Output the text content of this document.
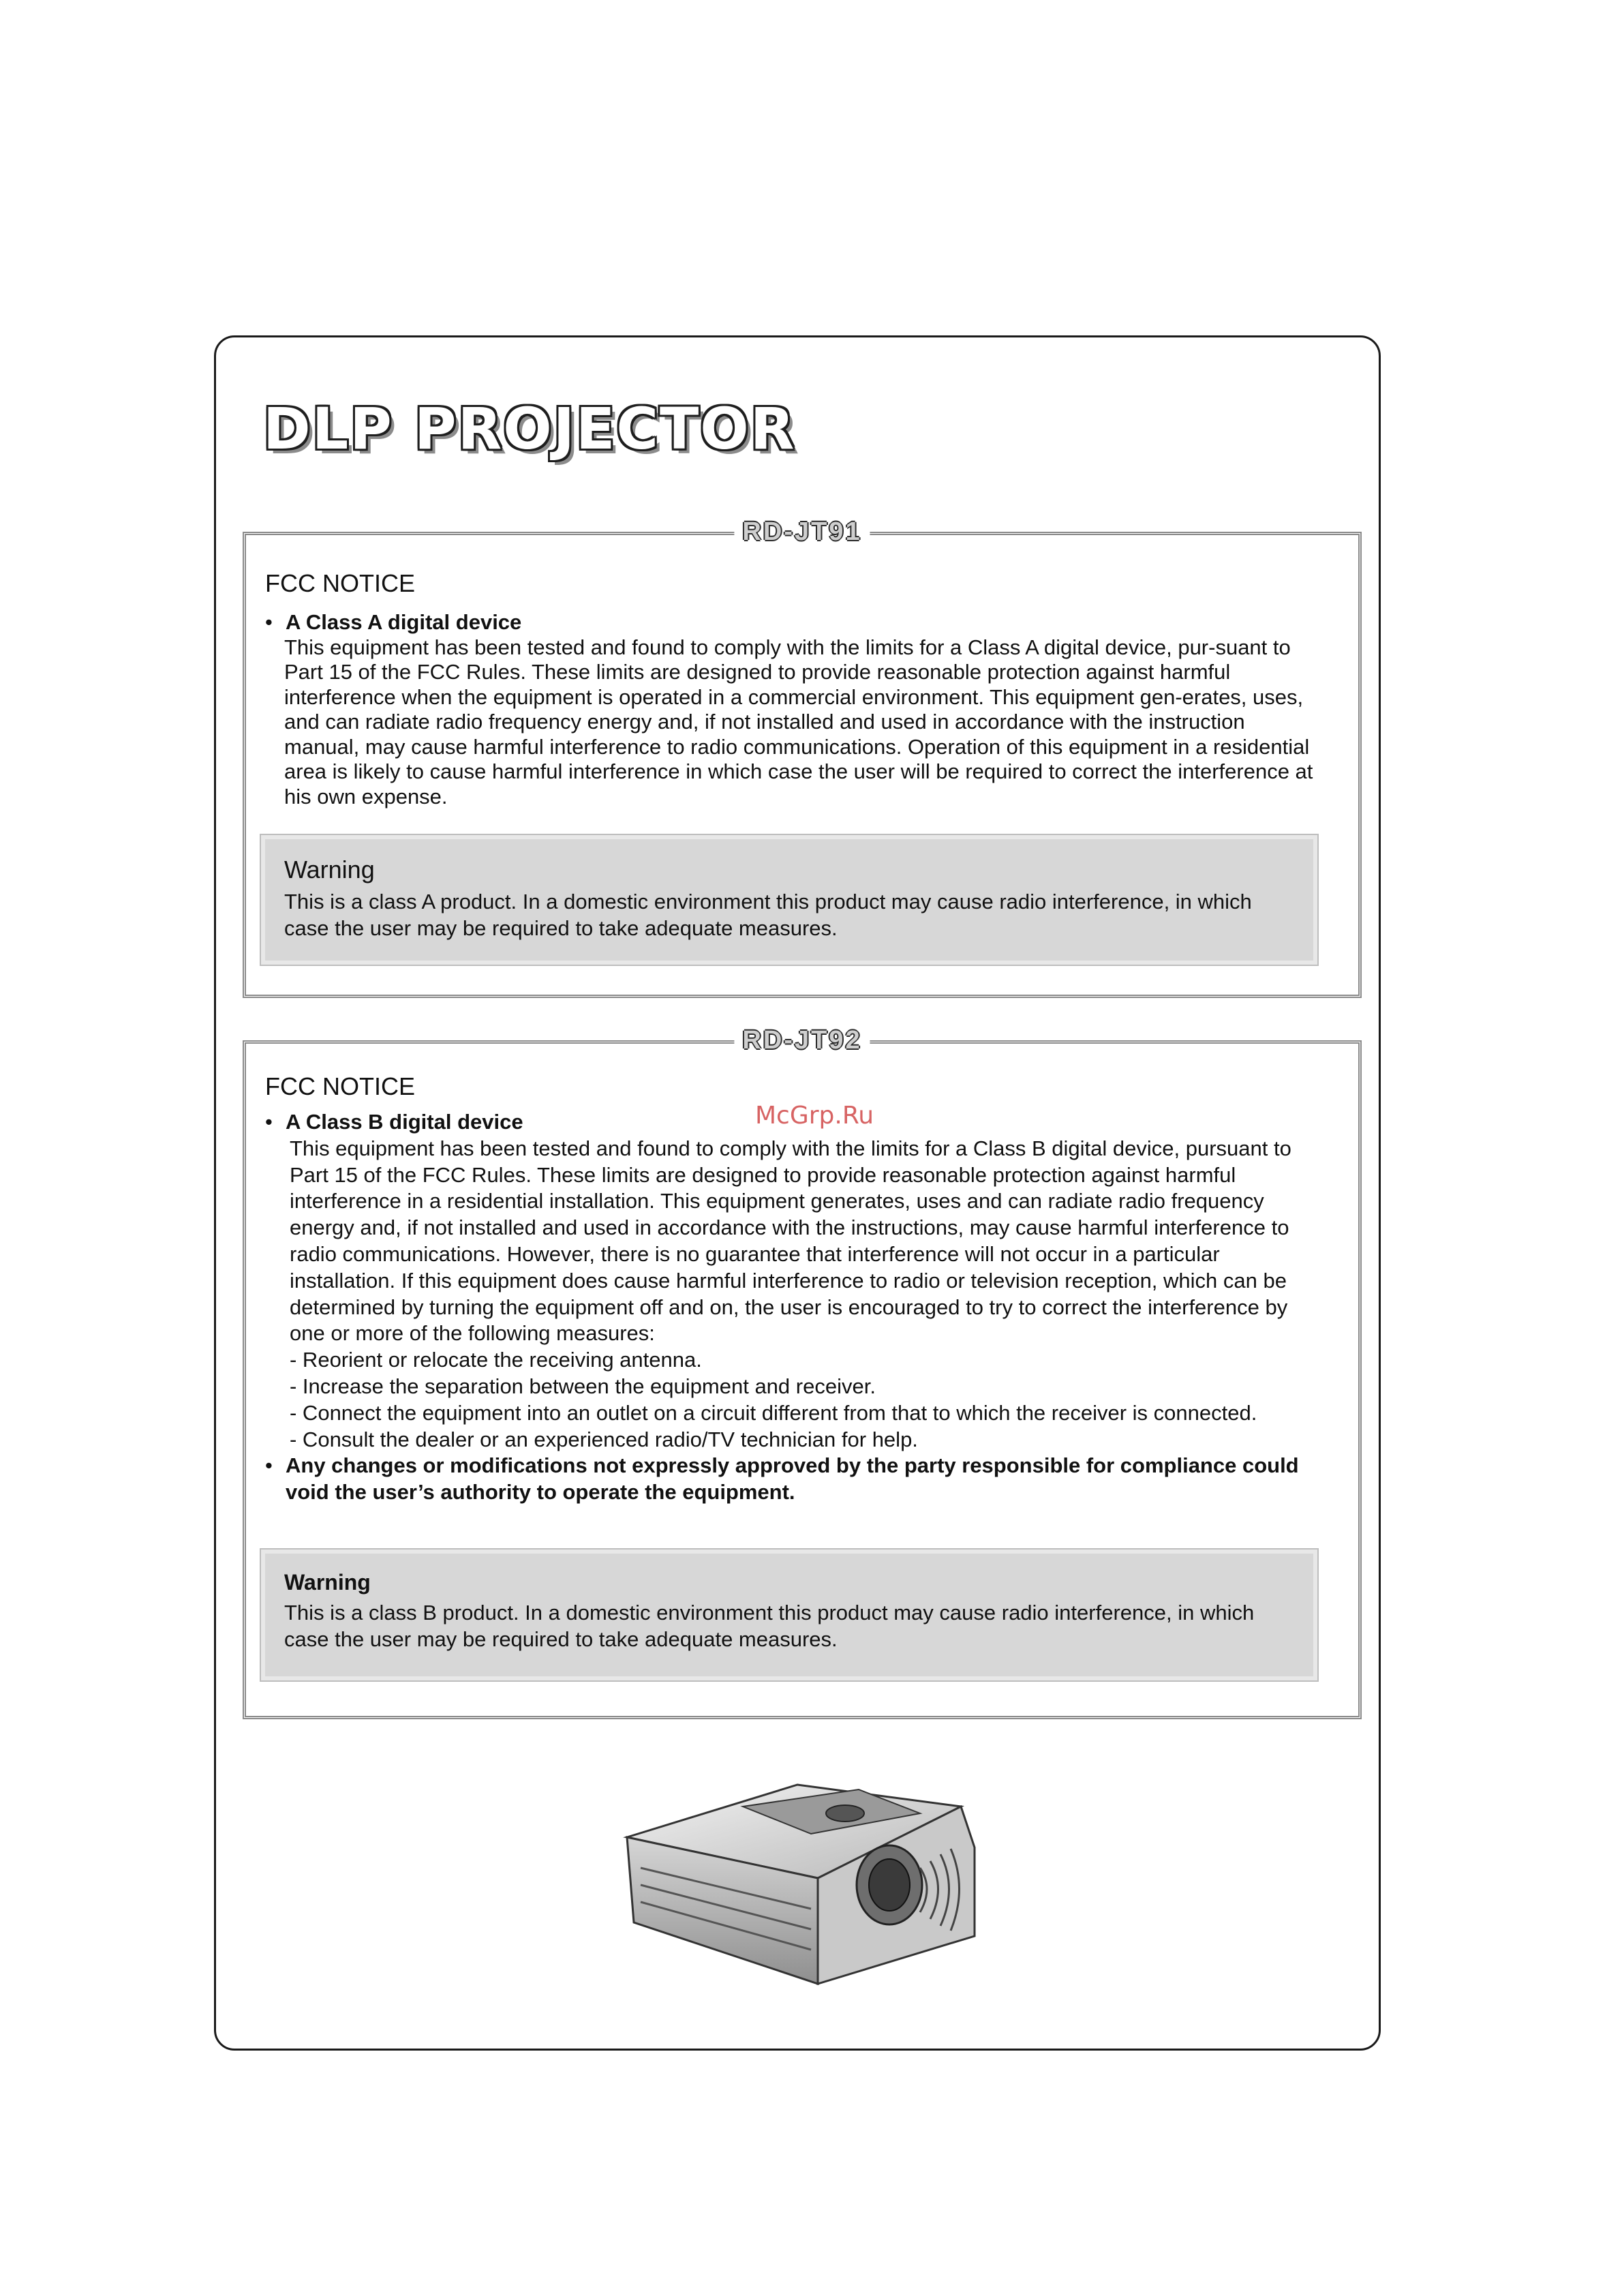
DLP PROJECTOR
RD-JT91
FCC NOTICE
• A Class A digital device
This equipment has been tested and found to comply with the limits for a Class A digital device, pur-suant to Part 15 of the FCC Rules. These limits are designed to provide reasonable protection against harmful interference when the equipment is operated in a commercial environment. This equipment gen-erates, uses, and can radiate radio frequency energy and, if not installed and used in accordance with the instruction manual, may cause harmful interference to radio communications. Operation of this equipment in a residential area is likely to cause harmful interference in which case the user will be required to correct the interference at his own expense.
Warning
This is a class A product. In a domestic environment this product may cause radio interference, in which case the user may be required to take adequate measures.
RD-JT92
FCC NOTICE
• A Class B digital device
This equipment has been tested and found to comply with the limits for a Class B digital device, pursuant to Part 15 of the FCC Rules. These limits are designed to provide reasonable protection against harmful interference in a residential installation. This equipment generates, uses and can radiate radio frequency energy and, if not installed and used in accordance with the instructions, may cause harmful interference to radio communications. However, there is no guarantee that interference will not occur in a particular installation. If this equipment does cause harmful interference to radio or television reception, which can be determined by turning the equipment off and on, the user is encouraged to try to correct the interference by one or more of the following measures:
- Reorient or relocate the receiving antenna.
- Increase the separation between the equipment and receiver.
- Connect the equipment into an outlet on a circuit different from that to which the receiver is connected.
- Consult the dealer or an experienced radio/TV technician for help.
• Any changes or modifications not expressly approved by the party responsible for compliance could void the user’s authority to operate the equipment.
Warning
This is a class B product. In a domestic environment this product may cause radio interference, in which case the user may be required to take adequate measures.
McGrp.Ru
